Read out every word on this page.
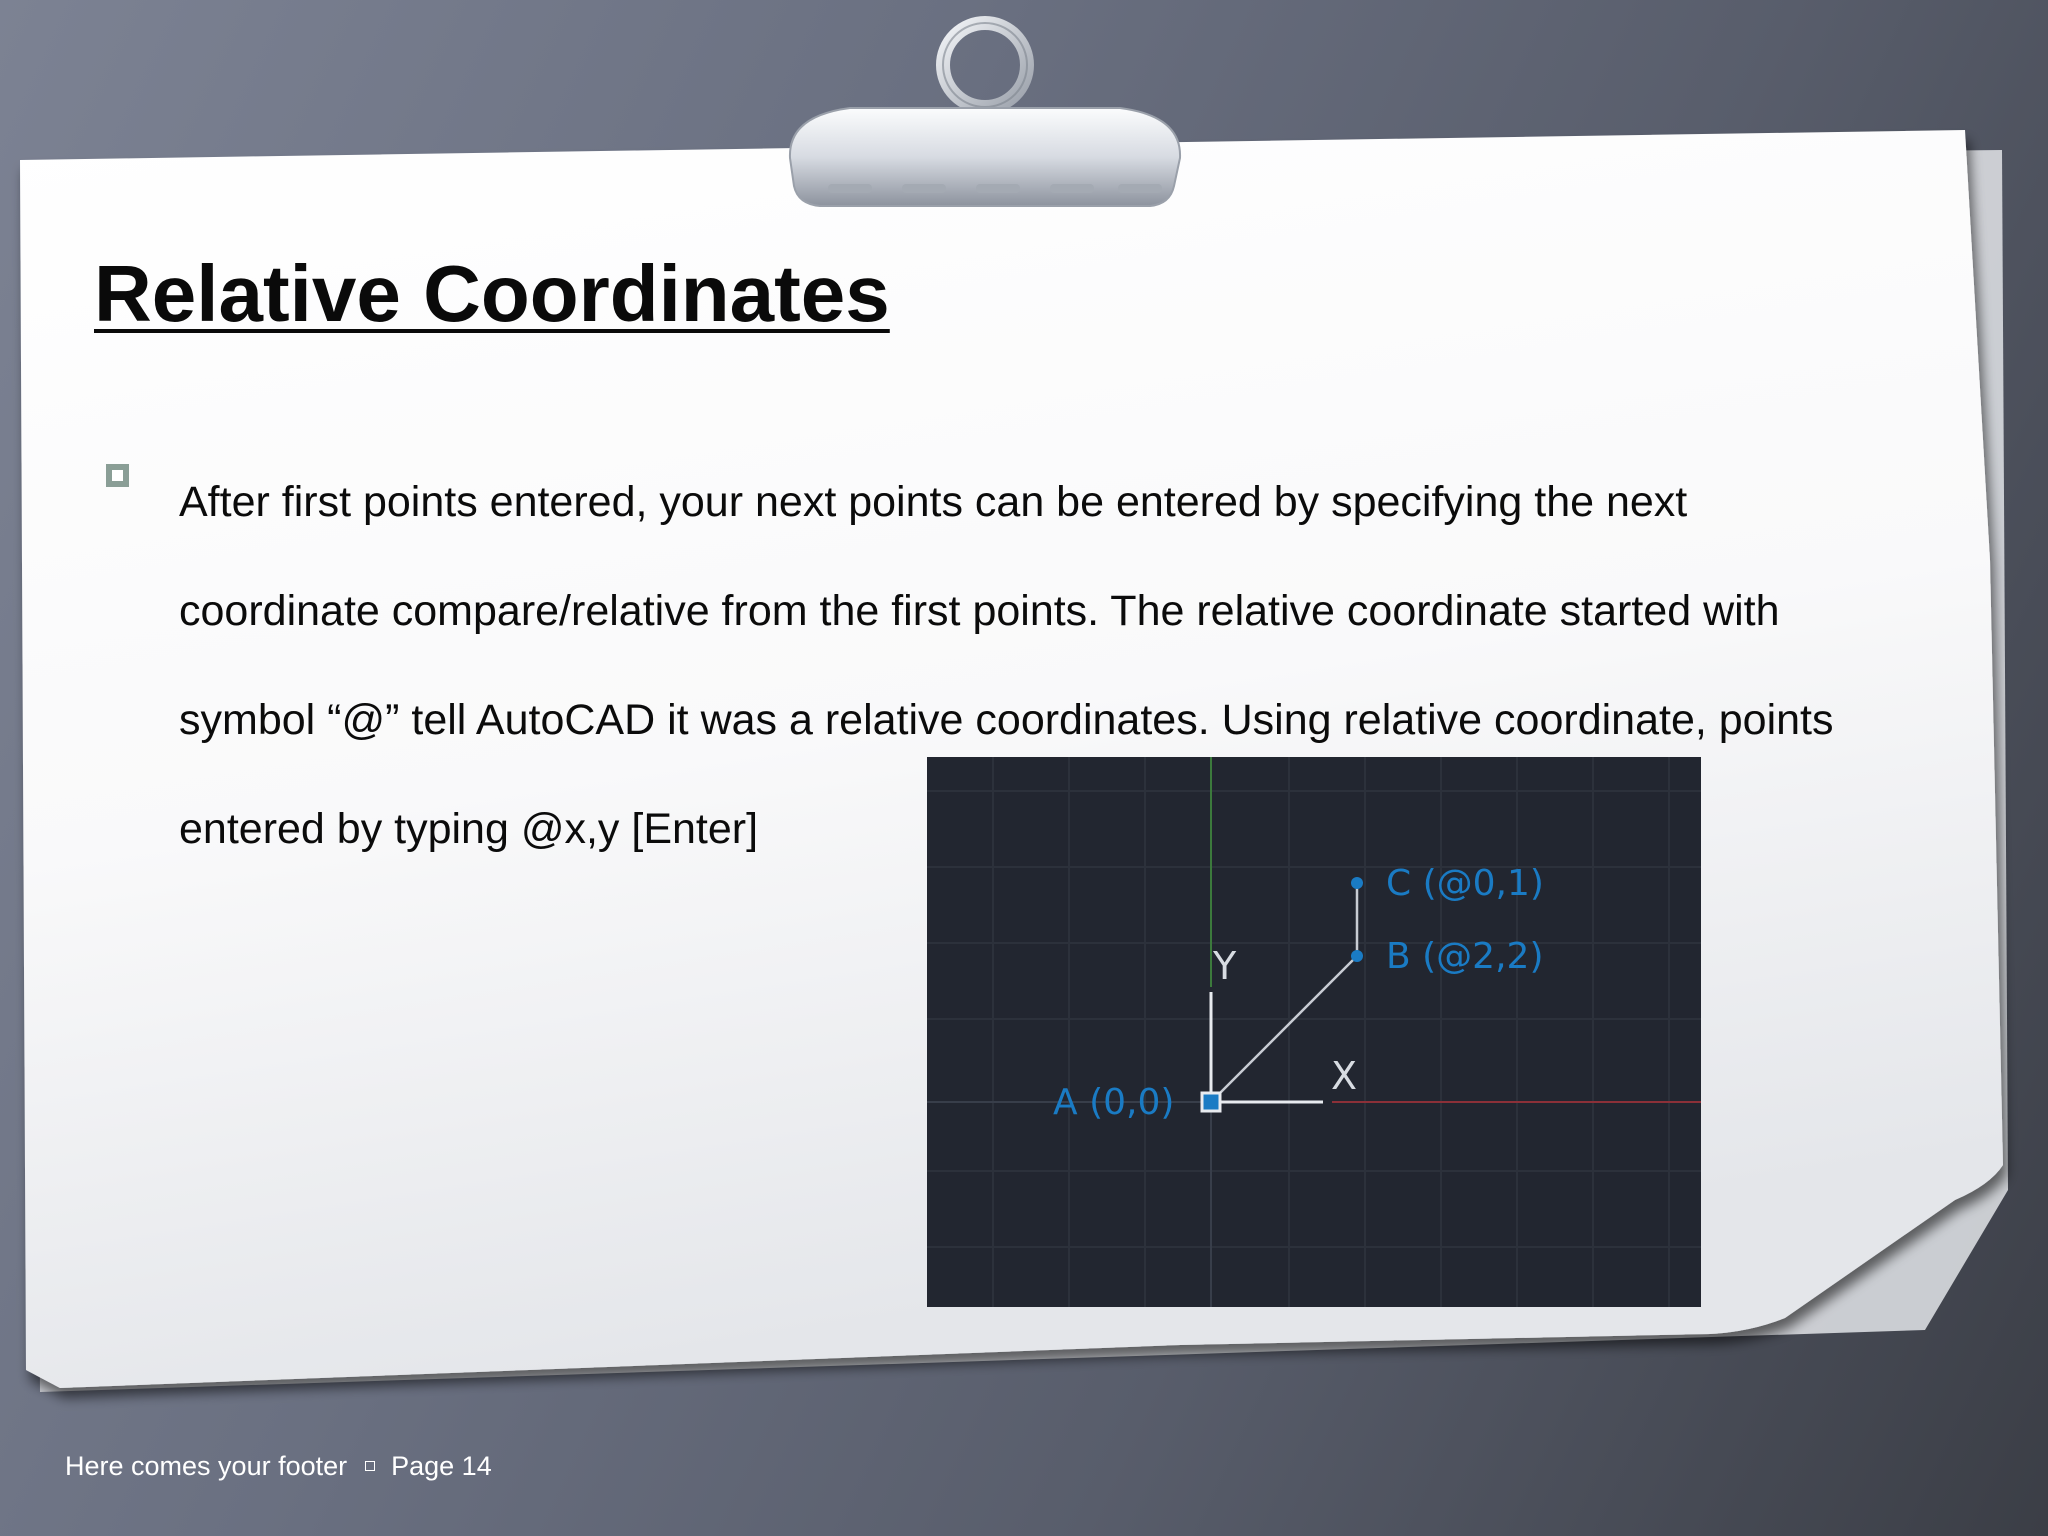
Relative Coordinates

After first points entered, your next points can be entered by specifying the next
coordinate compare/relative from the first points. The relative coordinate started with
symbol “@” tell AutoCAD it was a relative coordinates. Using relative coordinate, points
entered by typing @x,y [Enter]

Y
X
A (0,0)
B (@2,2)
C (@0,1)
Here comes your footer Page 14
